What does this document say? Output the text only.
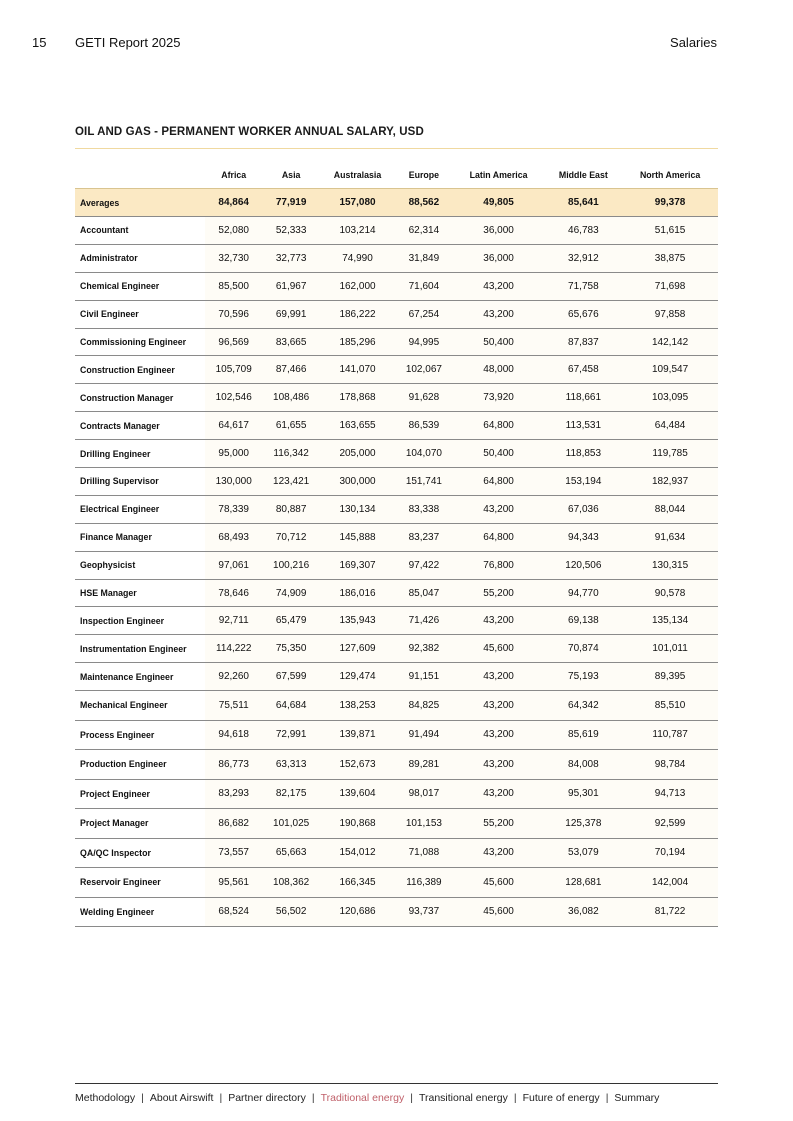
15 GETI Report 2025	Salaries
OIL AND GAS - PERMANENT WORKER ANNUAL SALARY, USD
	Africa	Asia	Australasia	Europe	Latin America	Middle East	North America
Averages	84,864	77,919	157,080	88,562	49,805	85,641	99,378
Accountant	52,080	52,333	103,214	62,314	36,000	46,783	51,615
Administrator	32,730	32,773	74,990	31,849	36,000	32,912	38,875
Chemical Engineer	85,500	61,967	162,000	71,604	43,200	71,758	71,698
Civil Engineer	70,596	69,991	186,222	67,254	43,200	65,676	97,858
Commissioning Engineer	96,569	83,665	185,296	94,995	50,400	87,837	142,142
Construction Engineer	105,709	87,466	141,070	102,067	48,000	67,458	109,547
Construction Manager	102,546	108,486	178,868	91,628	73,920	118,661	103,095
Contracts Manager	64,617	61,655	163,655	86,539	64,800	113,531	64,484
Drilling Engineer	95,000	116,342	205,000	104,070	50,400	118,853	119,785
Drilling Supervisor	130,000	123,421	300,000	151,741	64,800	153,194	182,937
Electrical Engineer	78,339	80,887	130,134	83,338	43,200	67,036	88,044
Finance Manager	68,493	70,712	145,888	83,237	64,800	94,343	91,634
Geophysicist	97,061	100,216	169,307	97,422	76,800	120,506	130,315
HSE Manager	78,646	74,909	186,016	85,047	55,200	94,770	90,578
Inspection Engineer	92,711	65,479	135,943	71,426	43,200	69,138	135,134
Instrumentation Engineer	114,222	75,350	127,609	92,382	45,600	70,874	101,011
Maintenance Engineer	92,260	67,599	129,474	91,151	43,200	75,193	89,395
Mechanical Engineer	75,511	64,684	138,253	84,825	43,200	64,342	85,510
Process Engineer	94,618	72,991	139,871	91,494	43,200	85,619	110,787
Production Engineer	86,773	63,313	152,673	89,281	43,200	84,008	98,784
Project Engineer	83,293	82,175	139,604	98,017	43,200	95,301	94,713
Project Manager	86,682	101,025	190,868	101,153	55,200	125,378	92,599
QA/QC Inspector	73,557	65,663	154,012	71,088	43,200	53,079	70,194
Reservoir Engineer	95,561	108,362	166,345	116,389	45,600	128,681	142,004
Welding Engineer	68,524	56,502	120,686	93,737	45,600	36,082	81,722
Methodology | About Airswift | Partner directory | Traditional energy | Transitional energy | Future of energy | Summary
